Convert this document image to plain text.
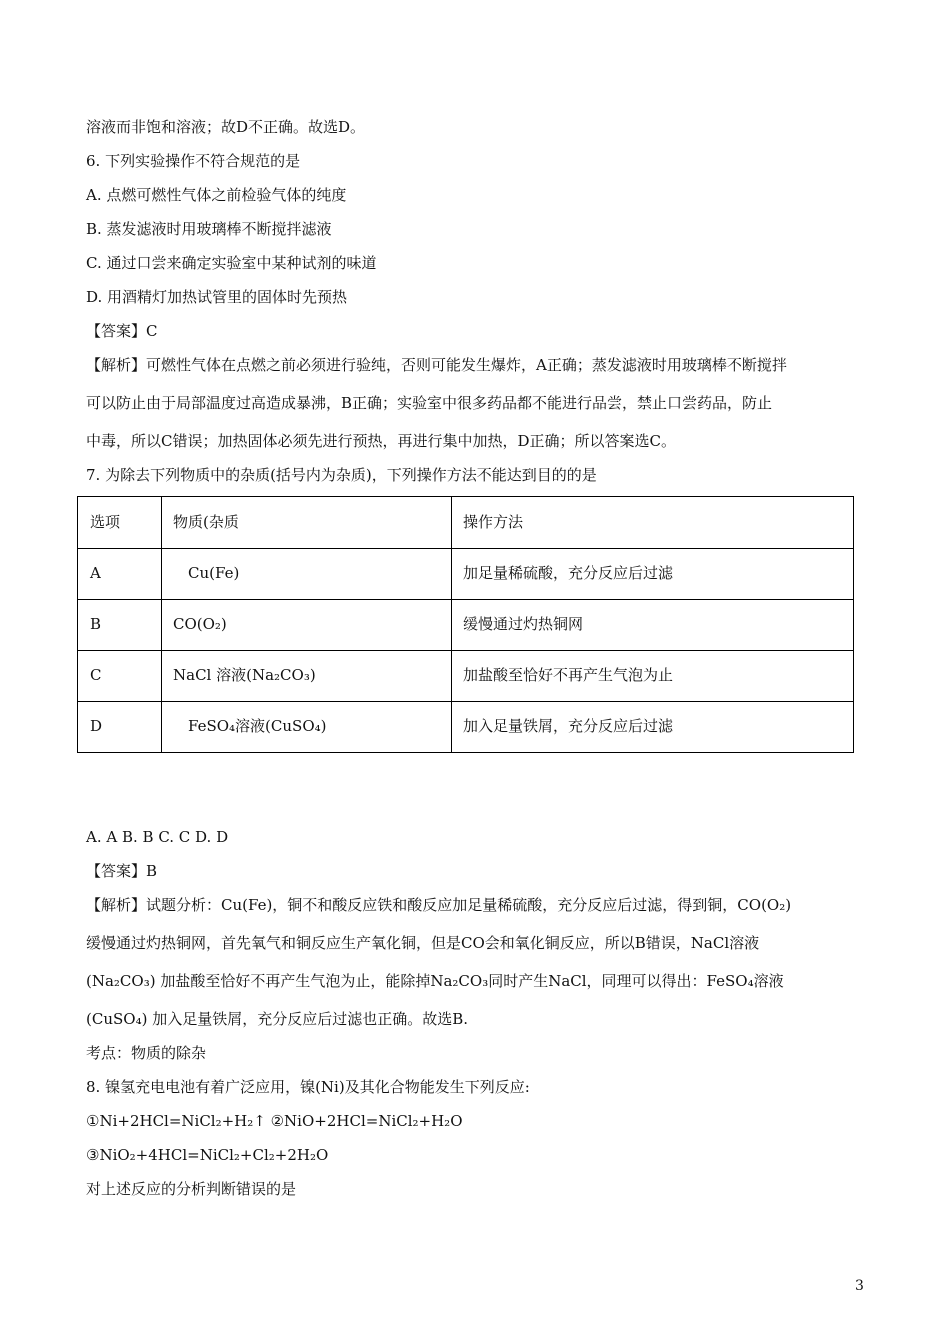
溶液而非饱和溶液；故D不正确。故选D。
6. 下列实验操作不符合规范的是
A. 点燃可燃性气体之前检验气体的纯度
B. 蒸发滤液时用玻璃棒不断搅拌滤液
C. 通过口尝来确定实验室中某种试剂的味道
D. 用酒精灯加热试管里的固体时先预热
【答案】C
【解析】可燃性气体在点燃之前必须进行验纯，否则可能发生爆炸，A正确；蒸发滤液时用玻璃棒不断搅拌
可以防止由于局部温度过高造成暴沸，B正确；实验室中很多药品都不能进行品尝，禁止口尝药品，防止
中毒，所以C错误；加热固体必须先进行预热，再进行集中加热，D正确；所以答案选C。
7. 为除去下列物质中的杂质(括号内为杂质)，下列操作方法不能达到目的的是
选项	物质(杂质	操作方法
A	Cu(Fe)	加足量稀硫酸，充分反应后过滤
B	CO(O₂)	缓慢通过灼热铜网
C	NaCl 溶液(Na₂CO₃)	加盐酸至恰好不再产生气泡为止
D	FeSO₄溶液(CuSO₄)	加入足量铁屑，充分反应后过滤
A. A B. B C. C D. D
【答案】B
【解析】试题分析：Cu(Fe)，铜不和酸反应铁和酸反应加足量稀硫酸，充分反应后过滤，得到铜，CO(O₂)
缓慢通过灼热铜网，首先氧气和铜反应生产氧化铜，但是CO会和氧化铜反应，所以B错误，NaCl溶液
(Na₂CO₃) 加盐酸至恰好不再产生气泡为止，能除掉Na₂CO₃同时产生NaCl，同理可以得出：FeSO₄溶液
(CuSO₄) 加入足量铁屑，充分反应后过滤也正确。故选B.
考点：物质的除杂
8. 镍氢充电电池有着广泛应用，镍(Ni)及其化合物能发生下列反应:
①Ni+2HCl=NiCl₂+H₂↑ ②NiO+2HCl=NiCl₂+H₂O
③NiO₂+4HCl=NiCl₂+Cl₂+2H₂O
对上述反应的分析判断错误的是
3
